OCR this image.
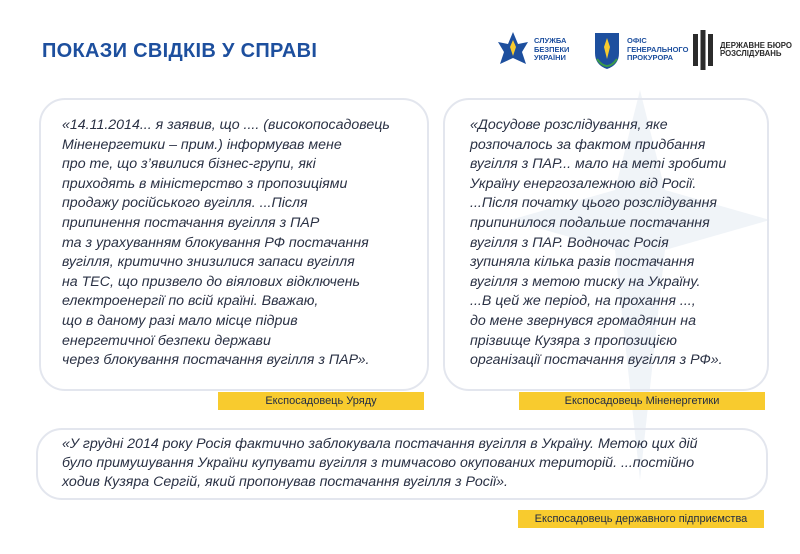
ПОКАЗИ СВІДКІВ У СПРАВІ	СЛУЖБА
БЕЗПЕКИ
УКРАЇНИ
ОФІС
ГЕНЕРАЛЬНОГО
ПРОКУРОРА
ДЕРЖАВНЕ БЮРО
РОЗСЛІДУВАНЬ
«14.11.2014... я заявив, що .... (високопосадовець
Міненергетики – прим.) інформував мене
про те, що з’явилися бізнес-групи, які
приходять в міністерство з пропозиціями
продажу російського вугілля. ...Після
припинення постачання вугілля з ПАР
та з урахуванням блокування РФ постачання
вугілля, критично знизилися запаси вугілля
на ТЕС, що призвело до віялових відключень
електроенергії по всій країні. Вважаю,
що в даному разі мало місце підрив
енергетичної безпеки держави
через блокування постачання вугілля з ПАР».
Експосадовець Уряду
«Досудове розслідування, яке
розпочалось за фактом придбання
вугілля з ПАР... мало на меті зробити
Україну енергозалежною від Росії.
...Після початку цього розслідування
припинилося подальше постачання
вугілля з ПАР. Водночас Росія
зупиняла кілька разів постачання
вугілля з метою тиску на Україну.
...В цей же період, на прохання ...,
до мене звернувся громадянин на
прізвище Кузяра з пропозицією
організації постачання вугілля з РФ».
Експосадовець Міненергетики
«У грудні 2014 року Росія фактично заблокувала постачання вугілля в Україну. Метою цих дій
було примушування України купувати вугілля з тимчасово окупованих територій. ...постійно
ходив Кузяра Сергій, який пропонував постачання вугілля з Росії».
Експосадовець державного підприємства
